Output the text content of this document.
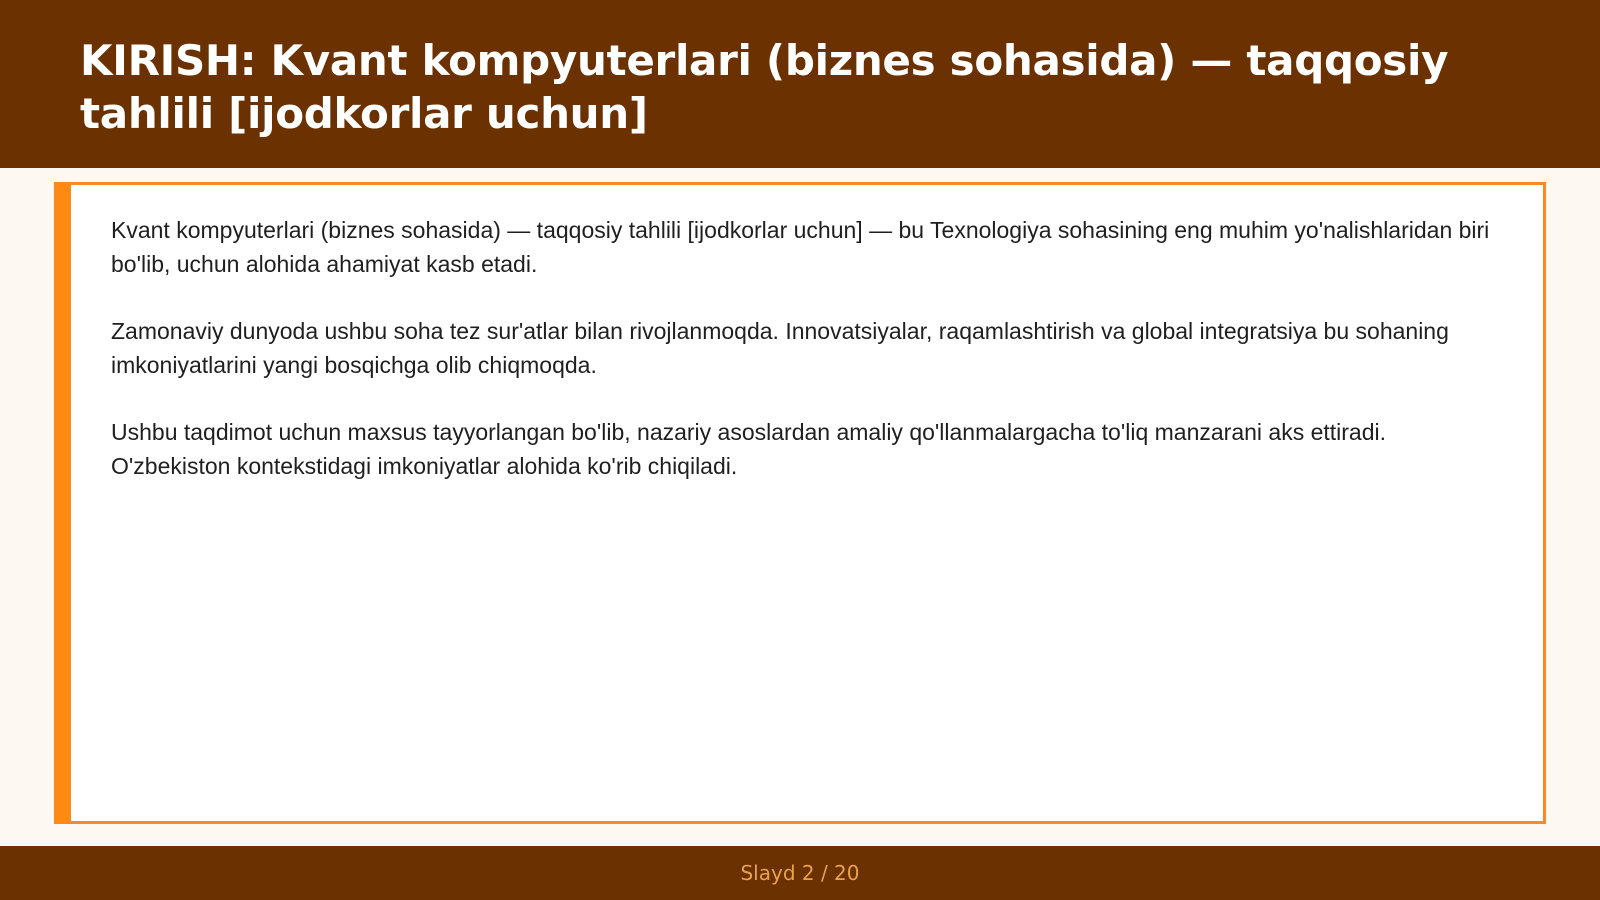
KIRISH: Kvant kompyuterlari (biznes sohasida) — taqqosiy tahlili [ijodkorlar uchun]

Kvant kompyuterlari (biznes sohasida) — taqqosiy tahlili [ijodkorlar uchun] — bu Texnologiya sohasining eng muhim yo'nalishlaridan biri bo'lib, uchun alohida ahamiyat kasb etadi.

Zamonaviy dunyoda ushbu soha tez sur'atlar bilan rivojlanmoqda. Innovatsiyalar, raqamlashtirish va global integratsiya bu sohaning imkoniyatlarini yangi bosqichga olib chiqmoqda.

Ushbu taqdimot uchun maxsus tayyorlangan bo'lib, nazariy asoslardan amaliy qo'llanmalargacha to'liq manzarani aks ettiradi. O'zbekiston kontekstidagi imkoniyatlar alohida ko'rib chiqiladi.

Slayd 2 / 20
